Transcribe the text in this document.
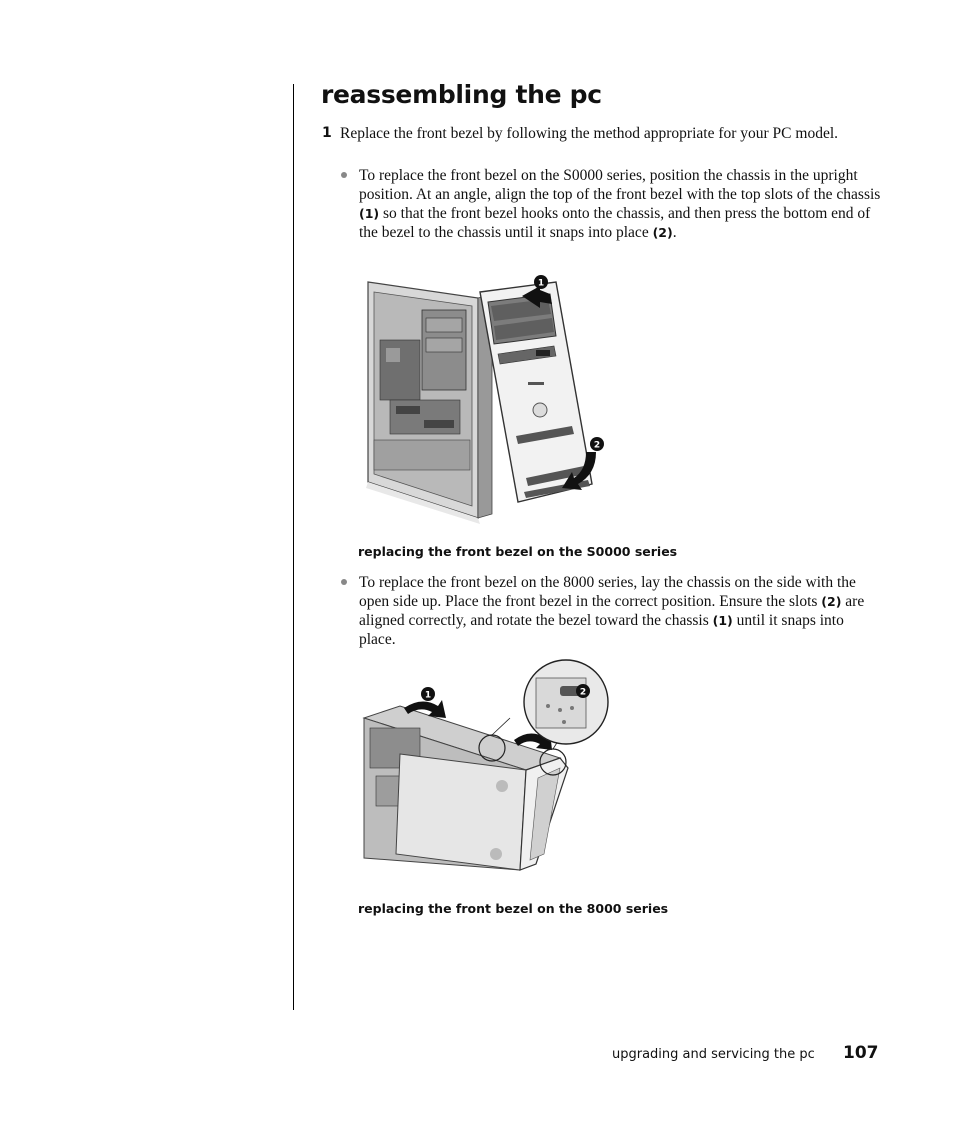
reassembling the pc
1 Replace the front bezel by following the method appropriate for your PC model.

To replace the front bezel on the S0000 series, position the chassis in the upright position. At an angle, align the top of the front bezel with the top slots of the chassis (1) so that the front bezel hooks onto the chassis, and then press the bottom end of the bezel to the chassis until it snaps into place (2).

1
2
replacing the front bezel on the S0000 series

To replace the front bezel on the 8000 series, lay the chassis on the side with the open side up. Place the front bezel in the correct position. Ensure the slots (2) are aligned correctly, and rotate the bezel toward the chassis (1) until it snaps into place.

1	2
replacing the front bezel on the 8000 series
upgrading and servicing the pc 107
